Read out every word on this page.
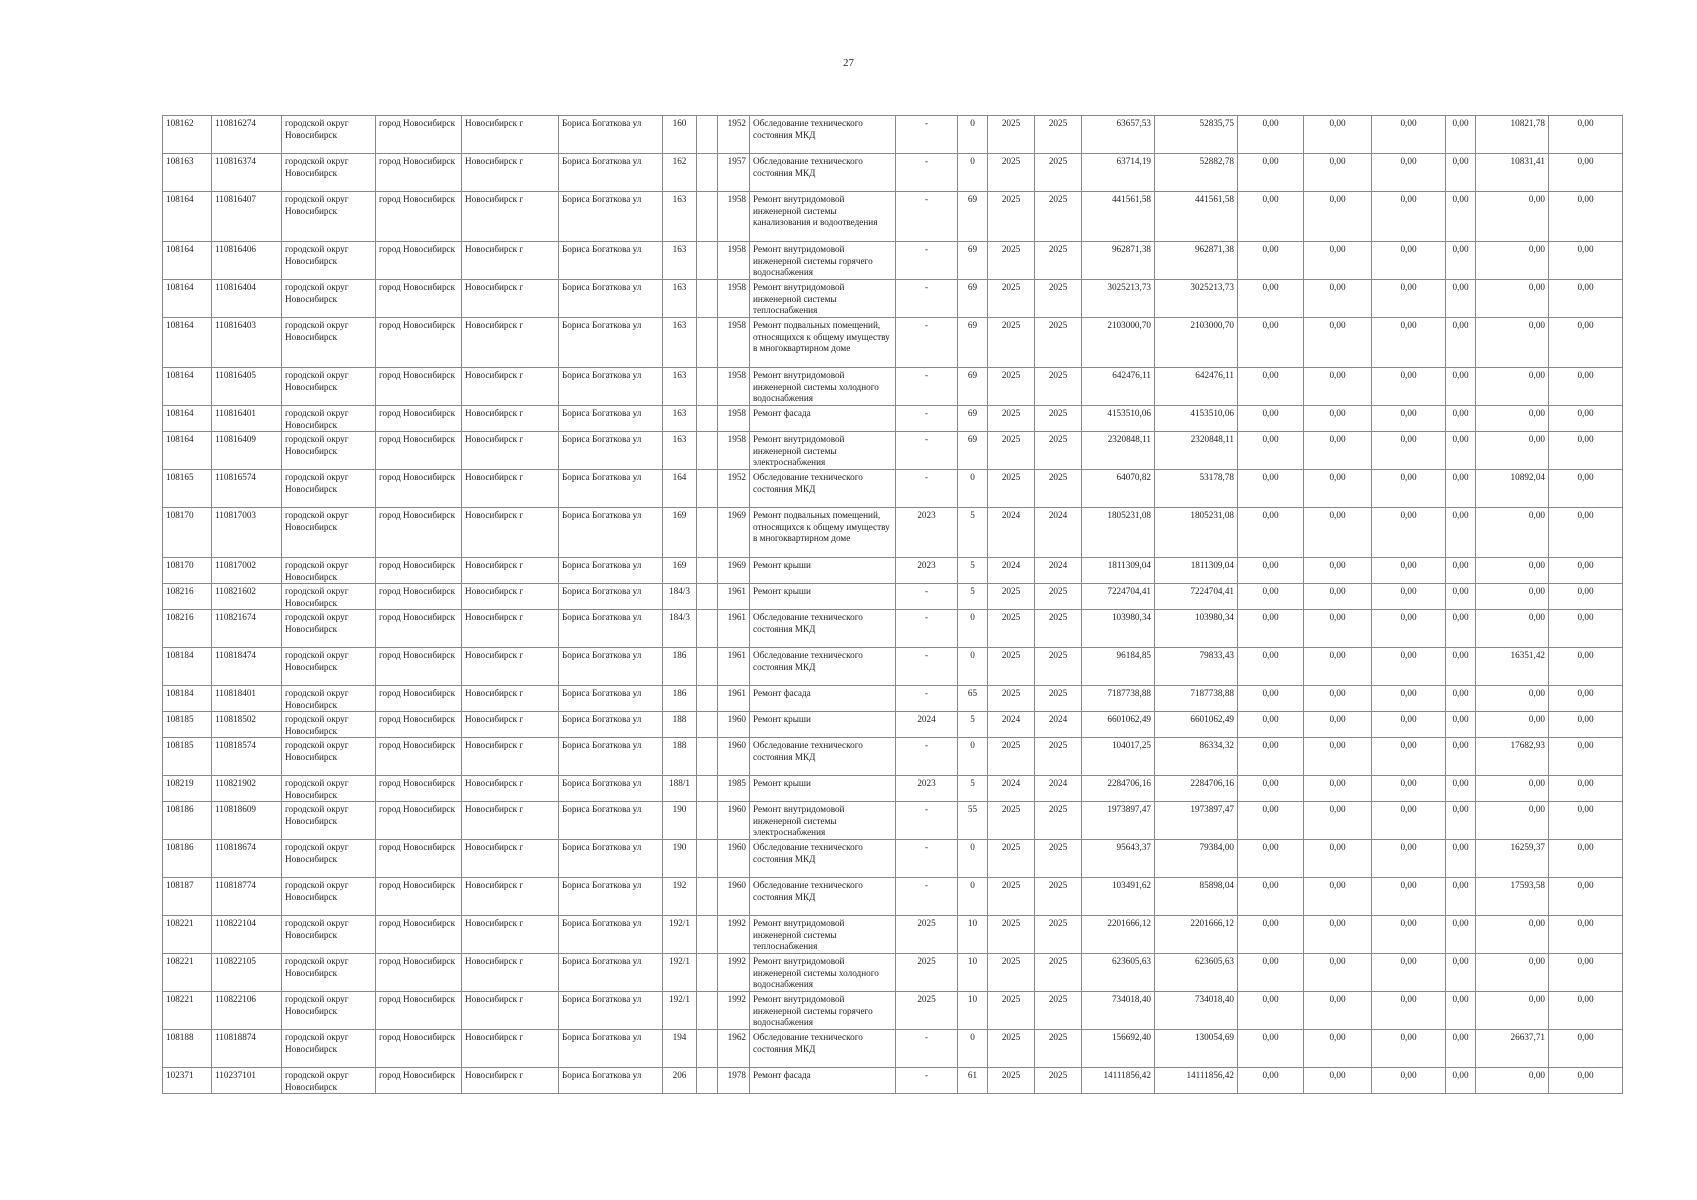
27
108162	110816274	городской округ Новосибирск	город Новосибирск	Новосибирск г	Бориса Богаткова ул	160		1952	Обследование технического состояния МКД	-	0	2025	2025	63657,53	52835,75	0,00	0,00	0,00	0,00	10821,78	0,00
108163	110816374	городской округ Новосибирск	город Новосибирск	Новосибирск г	Бориса Богаткова ул	162		1957	Обследование технического состояния МКД	-	0	2025	2025	63714,19	52882,78	0,00	0,00	0,00	0,00	10831,41	0,00
108164	110816407	городской округ Новосибирск	город Новосибирск	Новосибирск г	Бориса Богаткова ул	163		1958	Ремонт внутридомовой инженерной системы канализования и водоотведения	-	69	2025	2025	441561,58	441561,58	0,00	0,00	0,00	0,00	0,00	0,00
108164	110816406	городской округ Новосибирск	город Новосибирск	Новосибирск г	Бориса Богаткова ул	163		1958	Ремонт внутридомовой инженерной системы горячего водоснабжения	-	69	2025	2025	962871,38	962871,38	0,00	0,00	0,00	0,00	0,00	0,00
108164	110816404	городской округ Новосибирск	город Новосибирск	Новосибирск г	Бориса Богаткова ул	163		1958	Ремонт внутридомовой инженерной системы теплоснабжения	-	69	2025	2025	3025213,73	3025213,73	0,00	0,00	0,00	0,00	0,00	0,00
108164	110816403	городской округ Новосибирск	город Новосибирск	Новосибирск г	Бориса Богаткова ул	163		1958	Ремонт подвальных помещений, относящихся к общему имуществу в многоквартирном доме	-	69	2025	2025	2103000,70	2103000,70	0,00	0,00	0,00	0,00	0,00	0,00
108164	110816405	городской округ Новосибирск	город Новосибирск	Новосибирск г	Бориса Богаткова ул	163		1958	Ремонт внутридомовой инженерной системы холодного водоснабжения	-	69	2025	2025	642476,11	642476,11	0,00	0,00	0,00	0,00	0,00	0,00
108164	110816401	городской округ Новосибирск	город Новосибирск	Новосибирск г	Бориса Богаткова ул	163		1958	Ремонт фасада	-	69	2025	2025	4153510,06	4153510,06	0,00	0,00	0,00	0,00	0,00	0,00
108164	110816409	городской округ Новосибирск	город Новосибирск	Новосибирск г	Бориса Богаткова ул	163		1958	Ремонт внутридомовой инженерной системы электроснабжения	-	69	2025	2025	2320848,11	2320848,11	0,00	0,00	0,00	0,00	0,00	0,00
108165	110816574	городской округ Новосибирск	город Новосибирск	Новосибирск г	Бориса Богаткова ул	164		1952	Обследование технического состояния МКД	-	0	2025	2025	64070,82	53178,78	0,00	0,00	0,00	0,00	10892,04	0,00
108170	110817003	городской округ Новосибирск	город Новосибирск	Новосибирск г	Бориса Богаткова ул	169		1969	Ремонт подвальных помещений, относящихся к общему имуществу в многоквартирном доме	2023	5	2024	2024	1805231,08	1805231,08	0,00	0,00	0,00	0,00	0,00	0,00
108170	110817002	городской округ Новосибирск	город Новосибирск	Новосибирск г	Бориса Богаткова ул	169		1969	Ремонт крыши	2023	5	2024	2024	1811309,04	1811309,04	0,00	0,00	0,00	0,00	0,00	0,00
108216	110821602	городской округ Новосибирск	город Новосибирск	Новосибирск г	Бориса Богаткова ул	184/3		1961	Ремонт крыши	-	5	2025	2025	7224704,41	7224704,41	0,00	0,00	0,00	0,00	0,00	0,00
108216	110821674	городской округ Новосибирск	город Новосибирск	Новосибирск г	Бориса Богаткова ул	184/3		1961	Обследование технического состояния МКД	-	0	2025	2025	103980,34	103980,34	0,00	0,00	0,00	0,00	0,00	0,00
108184	110818474	городской округ Новосибирск	город Новосибирск	Новосибирск г	Бориса Богаткова ул	186		1961	Обследование технического состояния МКД	-	0	2025	2025	96184,85	79833,43	0,00	0,00	0,00	0,00	16351,42	0,00
108184	110818401	городской округ Новосибирск	город Новосибирск	Новосибирск г	Бориса Богаткова ул	186		1961	Ремонт фасада	-	65	2025	2025	7187738,88	7187738,88	0,00	0,00	0,00	0,00	0,00	0,00
108185	110818502	городской округ Новосибирск	город Новосибирск	Новосибирск г	Бориса Богаткова ул	188		1960	Ремонт крыши	2024	5	2024	2024	6601062,49	6601062,49	0,00	0,00	0,00	0,00	0,00	0,00
108185	110818574	городской округ Новосибирск	город Новосибирск	Новосибирск г	Бориса Богаткова ул	188		1960	Обследование технического состояния МКД	-	0	2025	2025	104017,25	86334,32	0,00	0,00	0,00	0,00	17682,93	0,00
108219	110821902	городской округ Новосибирск	город Новосибирск	Новосибирск г	Бориса Богаткова ул	188/1		1985	Ремонт крыши	2023	5	2024	2024	2284706,16	2284706,16	0,00	0,00	0,00	0,00	0,00	0,00
108186	110818609	городской округ Новосибирск	город Новосибирск	Новосибирск г	Бориса Богаткова ул	190		1960	Ремонт внутридомовой инженерной системы электроснабжения	-	55	2025	2025	1973897,47	1973897,47	0,00	0,00	0,00	0,00	0,00	0,00
108186	110818674	городской округ Новосибирск	город Новосибирск	Новосибирск г	Бориса Богаткова ул	190		1960	Обследование технического состояния МКД	-	0	2025	2025	95643,37	79384,00	0,00	0,00	0,00	0,00	16259,37	0,00
108187	110818774	городской округ Новосибирск	город Новосибирск	Новосибирск г	Бориса Богаткова ул	192		1960	Обследование технического состояния МКД	-	0	2025	2025	103491,62	85898,04	0,00	0,00	0,00	0,00	17593,58	0,00
108221	110822104	городской округ Новосибирск	город Новосибирск	Новосибирск г	Бориса Богаткова ул	192/1		1992	Ремонт внутридомовой инженерной системы теплоснабжения	2025	10	2025	2025	2201666,12	2201666,12	0,00	0,00	0,00	0,00	0,00	0,00
108221	110822105	городской округ Новосибирск	город Новосибирск	Новосибирск г	Бориса Богаткова ул	192/1		1992	Ремонт внутридомовой инженерной системы холодного водоснабжения	2025	10	2025	2025	623605,63	623605,63	0,00	0,00	0,00	0,00	0,00	0,00
108221	110822106	городской округ Новосибирск	город Новосибирск	Новосибирск г	Бориса Богаткова ул	192/1		1992	Ремонт внутридомовой инженерной системы горячего водоснабжения	2025	10	2025	2025	734018,40	734018,40	0,00	0,00	0,00	0,00	0,00	0,00
108188	110818874	городской округ Новосибирск	город Новосибирск	Новосибирск г	Бориса Богаткова ул	194		1962	Обследование технического состояния МКД	-	0	2025	2025	156692,40	130054,69	0,00	0,00	0,00	0,00	26637,71	0,00
102371	110237101	городской округ Новосибирск	город Новосибирск	Новосибирск г	Бориса Богаткова ул	206		1978	Ремонт фасада	-	61	2025	2025	14111856,42	14111856,42	0,00	0,00	0,00	0,00	0,00	0,00
